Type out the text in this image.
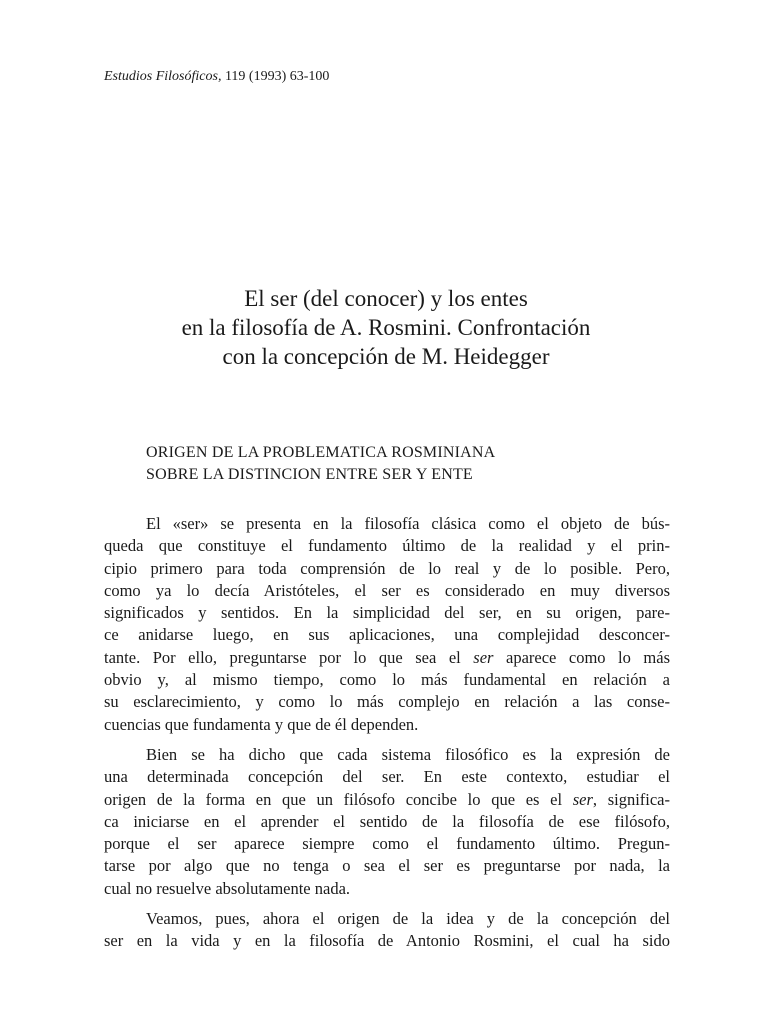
Estudios Filosóficos, 119 (1993) 63-100
El ser (del conocer) y los entes
en la filosofía de A. Rosmini. Confrontación
con la concepción de M. Heidegger
ORIGEN DE LA PROBLEMATICA ROSMINIANA
SOBRE LA DISTINCION ENTRE SER Y ENTE
El «ser» se presenta en la filosofía clásica como el objeto de bús-
queda que constituye el fundamento último de la realidad y el prin-
cipio primero para toda comprensión de lo real y de lo posible. Pero,
como ya lo decía Aristóteles, el ser es considerado en muy diversos
significados y sentidos. En la simplicidad del ser, en su origen, pare-
ce anidarse luego, en sus aplicaciones, una complejidad desconcer-
tante. Por ello, preguntarse por lo que sea el ser aparece como lo más
obvio y, al mismo tiempo, como lo más fundamental en relación a
su esclarecimiento, y como lo más complejo en relación a las conse-
cuencias que fundamenta y que de él dependen.
Bien se ha dicho que cada sistema filosófico es la expresión de
una determinada concepción del ser. En este contexto, estudiar el
origen de la forma en que un filósofo concibe lo que es el ser, significa-
ca iniciarse en el aprender el sentido de la filosofía de ese filósofo,
porque el ser aparece siempre como el fundamento último. Pregun-
tarse por algo que no tenga o sea el ser es preguntarse por nada, la
cual no resuelve absolutamente nada.
Veamos, pues, ahora el origen de la idea y de la concepción del
ser en la vida y en la filosofía de Antonio Rosmini, el cual ha sido
